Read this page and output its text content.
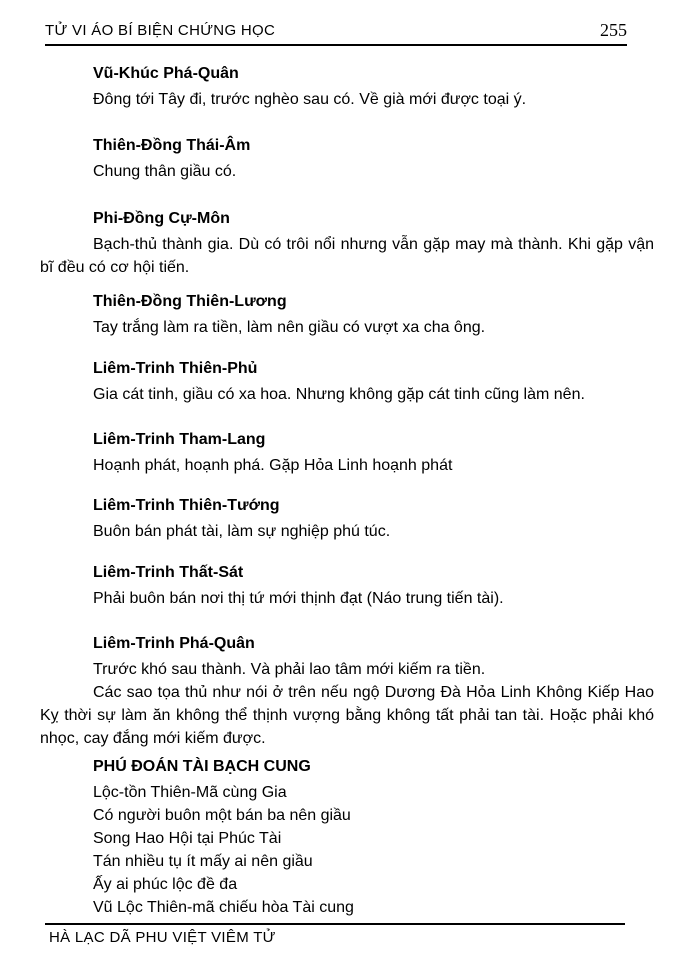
TỬ VI ÁO BÍ BIỆN CHỨNG HỌC	255
Vũ-Khúc Phá-Quân

Đông tới Tây đi, trước nghèo sau có. Về già mới được toại ý.

Thiên-Đồng Thái-Âm

Chung thân giầu có.

Phi-Đồng Cự-Môn

Bạch-thủ thành gia. Dù có trôi nổi nhưng vẫn gặp may mà thành. Khi gặp vận bĩ đều có cơ hội tiến.

Thiên-Đồng Thiên-Lương

Tay trắng làm ra tiền, làm nên giầu có vượt xa cha ông.

Liêm-Trinh Thiên-Phủ

Gia cát tinh, giầu có xa hoa. Nhưng không gặp cát tinh cũng làm nên.

Liêm-Trinh Tham-Lang

Hoạnh phát, hoạnh phá. Gặp Hỏa Linh hoạnh phát

Liêm-Trinh Thiên-Tướng

Buôn bán phát tài, làm sự nghiệp phú túc.

Liêm-Trinh Thất-Sát

Phải buôn bán nơi thị tứ mới thịnh đạt (Náo trung tiến tài).

Liêm-Trinh Phá-Quân

Trước khó sau thành. Và phải lao tâm mới kiếm ra tiền.

Các sao tọa thủ như nói ở trên nếu ngộ Dương Đà Hỏa Linh Không Kiếp Hao Kỵ thời sự làm ăn không thể thịnh vượng bằng không tất phải tan tài. Hoặc phải khó nhọc, cay đắng mới kiếm được.

PHÚ ĐOÁN TÀI BẠCH CUNG

Lộc-tồn Thiên-Mã cùng Gia

Có người buôn một bán ba nên giầu

Song Hao Hội tại Phúc Tài

Tán nhiều tụ ít mấy ai nên giầu

Ấy ai phúc lộc đề đa

Vũ Lộc Thiên-mã chiếu hòa Tài cung

HÀ LẠC DÃ PHU VIỆT VIÊM TỬ
